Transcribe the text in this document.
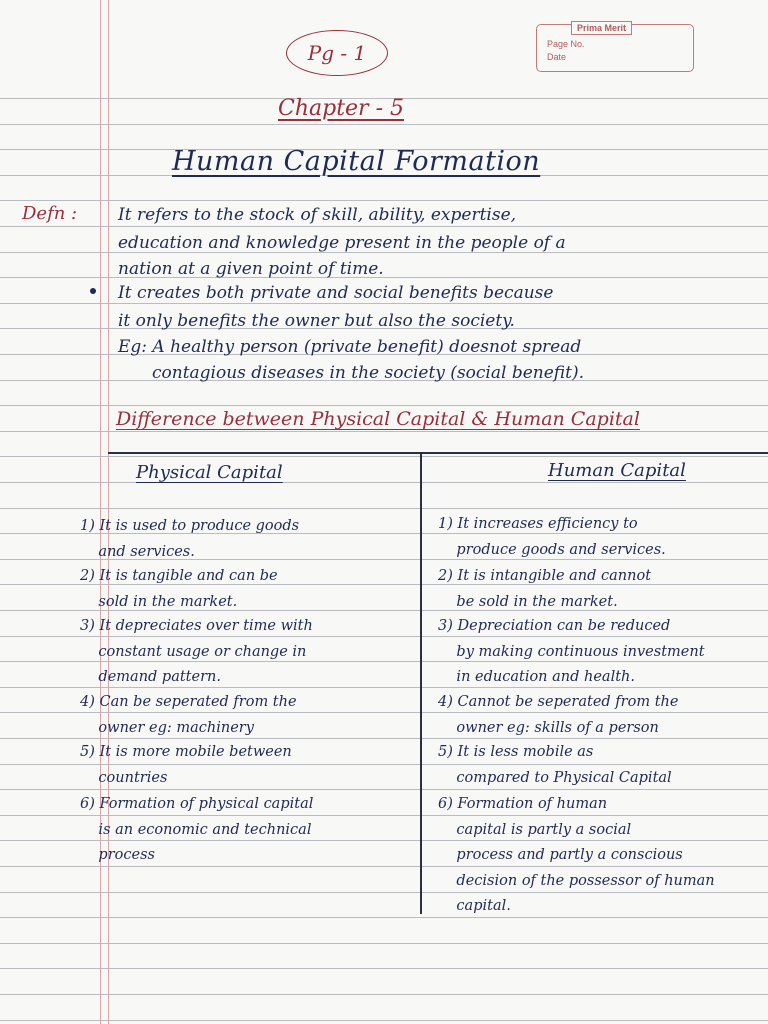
Prima Merit
Page No.
Date
Pg - 1
Chapter - 5
Human Capital Formation
Defn : It refers to the stock of skill, ability, expertise,
education and knowledge present in the people of a
nation at a given point of time.
It creates both private and social benefits because
it only benefits the owner but also the society.
Eg: A healthy person (private benefit) doesnot spread
contagious diseases in the society (social benefit).
Difference between Physical Capital & Human Capital
Physical Capital	Human Capital
1) It is used to produce goods
and services.
2) It is tangible and can be
sold in the market.
3) It depreciates over time with
constant usage or change in
demand pattern.
4) Can be seperated from the
owner eg: machinery
5) It is more mobile between
countries
6) Formation of physical capital
is an economic and technical
process
1) It increases efficiency to
produce goods and services.
2) It is intangible and cannot
be sold in the market.
3) Depreciation can be reduced
by making continuous investment
in education and health.
4) Cannot be seperated from the
owner eg: skills of a person
5) It is less mobile as
compared to Physical Capital
6) Formation of human
capital is partly a social
process and partly a conscious
decision of the possessor of human
capital.
